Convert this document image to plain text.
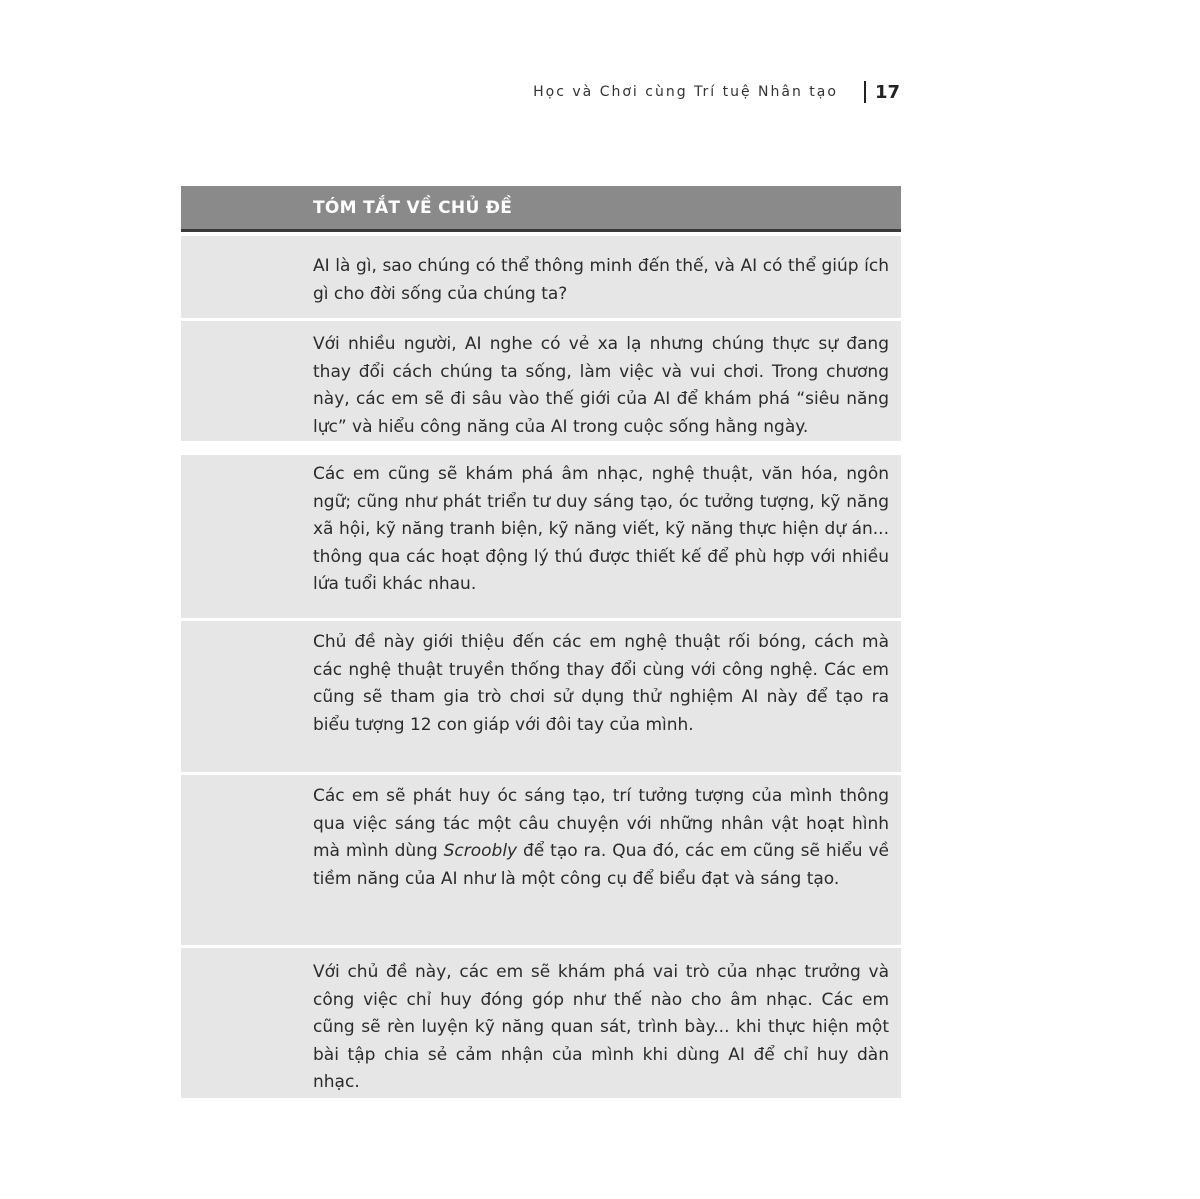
Học và Chơi cùng Trí tuệ Nhân tạo 17
TÓM TẮT VỀ CHỦ ĐỀ
AI là gì, sao chúng có thể thông minh đến thế, và AI có thể giúp ích gì cho đời sống của chúng ta?
Với nhiều người, AI nghe có vẻ xa lạ nhưng chúng thực sự đang thay đổi cách chúng ta sống, làm việc và vui chơi. Trong chương này, các em sẽ đi sâu vào thế giới của AI để khám phá “siêu năng lực” và hiểu công năng của AI trong cuộc sống hằng ngày.
Các em cũng sẽ khám phá âm nhạc, nghệ thuật, văn hóa, ngôn ngữ; cũng như phát triển tư duy sáng tạo, óc tưởng tượng, kỹ năng xã hội, kỹ năng tranh biện, kỹ năng viết, kỹ năng thực hiện dự án... thông qua các hoạt động lý thú được thiết kế để phù hợp với nhiều lứa tuổi khác nhau.
Chủ đề này giới thiệu đến các em nghệ thuật rối bóng, cách mà các nghệ thuật truyền thống thay đổi cùng với công nghệ. Các em cũng sẽ tham gia trò chơi sử dụng thử nghiệm AI này để tạo ra biểu tượng 12 con giáp với đôi tay của mình.
Các em sẽ phát huy óc sáng tạo, trí tưởng tượng của mình thông qua việc sáng tác một câu chuyện với những nhân vật hoạt hình mà mình dùng Scroobly để tạo ra. Qua đó, các em cũng sẽ hiểu về tiềm năng của AI như là một công cụ để biểu đạt và sáng tạo.
Với chủ đề này, các em sẽ khám phá vai trò của nhạc trưởng và công việc chỉ huy đóng góp như thế nào cho âm nhạc. Các em cũng sẽ rèn luyện kỹ năng quan sát, trình bày... khi thực hiện một bài tập chia sẻ cảm nhận của mình khi dùng AI để chỉ huy dàn nhạc.
